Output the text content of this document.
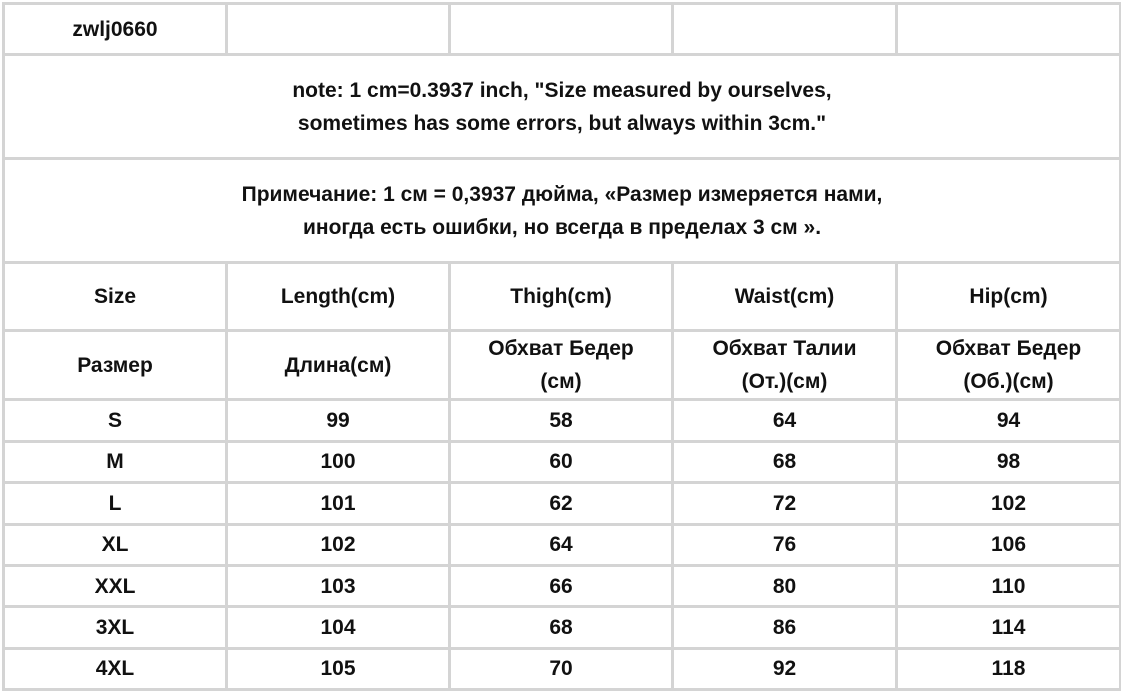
zwlj0660				

note: 1 cm=0.3937 inch, "Size measured by ourselves,
sometimes has some errors, but always within 3cm."				

Примечание: 1 см = 0,3937 дюйма, «Размер измеряется нами,
иногда есть ошибки, но всегда в пределах 3 см ».				

Size	Length(cm)	Thigh(cm)	Waist(cm)	Hip(cm)

Размер	Длина(см)	Обхват Бедер
(см)	Обхват Талии
(От.)(см)	Обхват Бедер
(Об.)(см)

S	99	58	64	94
M	100	60	68	98
L	101	62	72	102
XL	102	64	76	106
XXL	103	66	80	110
3XL	104	68	86	114
4XL	105	70	92	118
